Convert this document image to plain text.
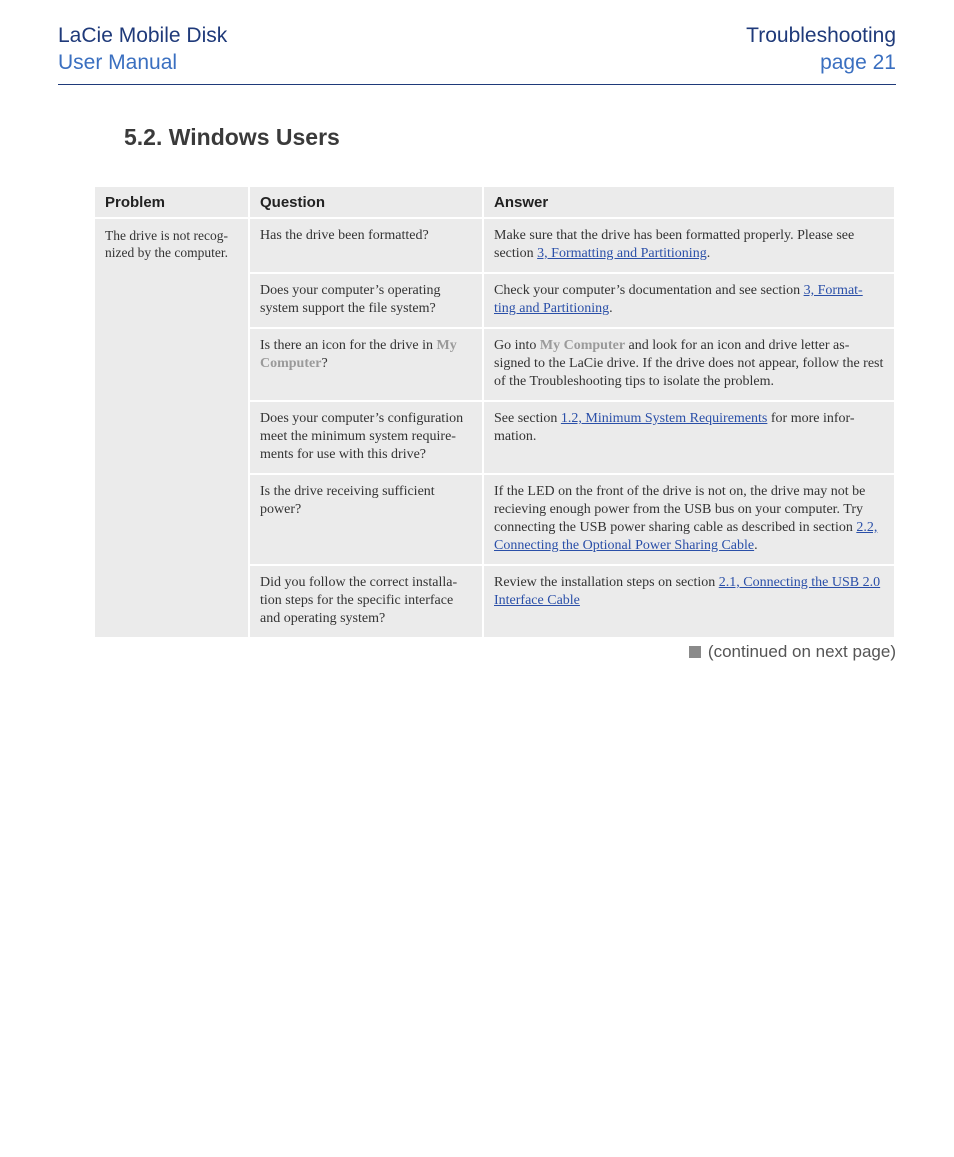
LaCie Mobile Disk
User Manual
Troubleshooting
page 21
5.2. Windows Users
Problem	Question	Answer
The drive is not recog-nized by the computer.	Has the drive been formatted?	Make sure that the drive has been formatted properly. Please see section 3, Formatting and Partitioning.
	Does your computer’s operating system support the file system?	Check your computer’s documentation and see section 3, Format-ting and Partitioning.
	Is there an icon for the drive in My Computer?	Go into My Computer and look for an icon and drive letter as-signed to the LaCie drive. If the drive does not appear, follow the rest of the Troubleshooting tips to isolate the problem.
	Does your computer’s configuration meet the minimum system require-ments for use with this drive?	See section 1.2, Minimum System Requirements for more infor-mation.
	Is the drive receiving sufficient power?	If the LED on the front of the drive is not on, the drive may not be recieving enough power from the USB bus on your computer. Try connecting the USB power sharing cable as described in section 2.2, Connecting the Optional Power Sharing Cable.
	Did you follow the correct installa-tion steps for the specific interface and operating system?	Review the installation steps on section 2.1, Connecting the USB 2.0 Interface Cable
(continued on next page)
